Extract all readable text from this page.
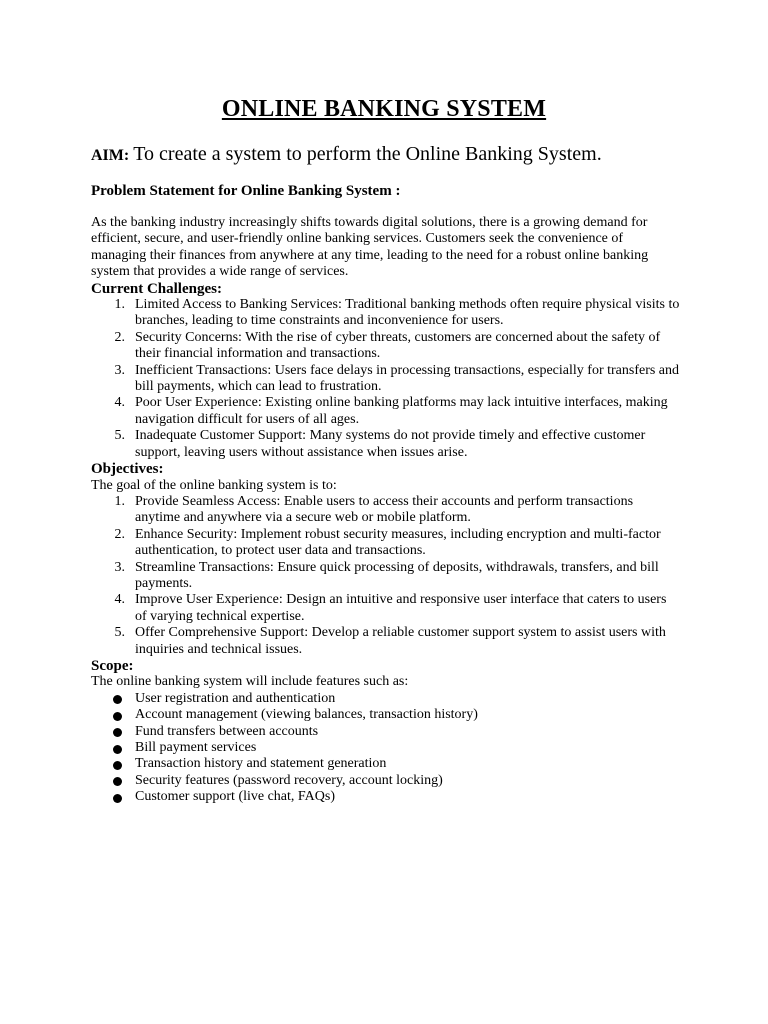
ONLINE BANKING SYSTEM
AIM: To create a system to perform the Online Banking System.
Problem Statement for Online Banking System :

As the banking industry increasingly shifts towards digital solutions, there is a growing demand for efficient, secure, and user-friendly online banking services. Customers seek the convenience of managing their finances from anywhere at any time, leading to the need for a robust online banking system that provides a wide range of services.

Current Challenges:

1. Limited Access to Banking Services: Traditional banking methods often require physical visits to branches, leading to time constraints and inconvenience for users.
2. Security Concerns: With the rise of cyber threats, customers are concerned about the safety of their financial information and transactions.
3. Inefficient Transactions: Users face delays in processing transactions, especially for transfers and bill payments, which can lead to frustration.
4. Poor User Experience: Existing online banking platforms may lack intuitive interfaces, making navigation difficult for users of all ages.
5. Inadequate Customer Support: Many systems do not provide timely and effective customer support, leaving users without assistance when issues arise.

Objectives:

The goal of the online banking system is to:

1. Provide Seamless Access: Enable users to access their accounts and perform transactions anytime and anywhere via a secure web or mobile platform.
2. Enhance Security: Implement robust security measures, including encryption and multi-factor authentication, to protect user data and transactions.
3. Streamline Transactions: Ensure quick processing of deposits, withdrawals, transfers, and bill payments.
4. Improve User Experience: Design an intuitive and responsive user interface that caters to users of varying technical expertise.
5. Offer Comprehensive Support: Develop a reliable customer support system to assist users with inquiries and technical issues.

Scope:

The online banking system will include features such as:

User registration and authentication
Account management (viewing balances, transaction history)
Fund transfers between accounts
Bill payment services
Transaction history and statement generation
Security features (password recovery, account locking)
Customer support (live chat, FAQs)
